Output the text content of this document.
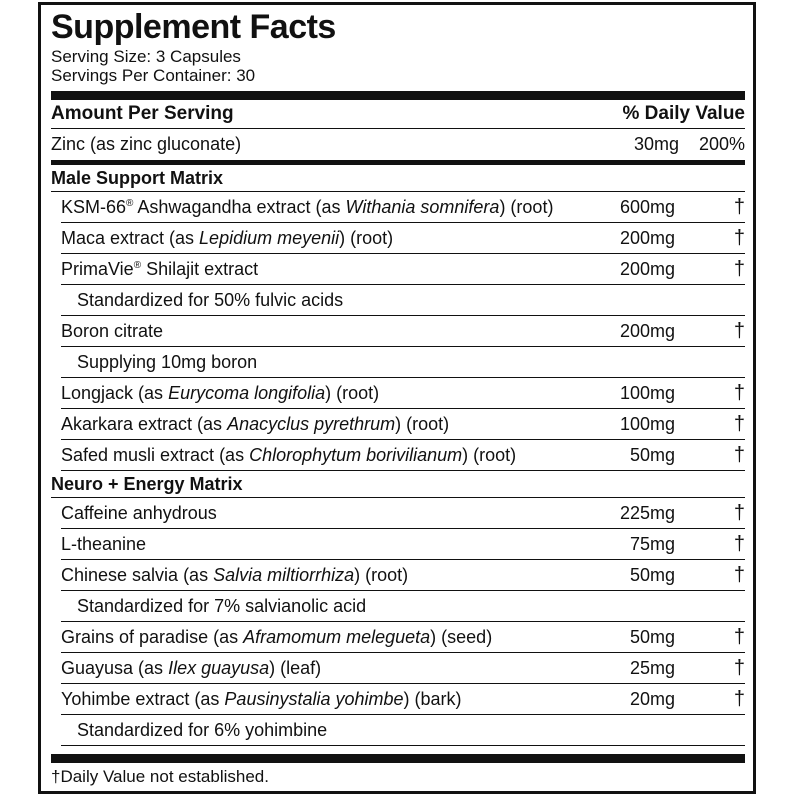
Supplement Facts
Serving Size: 3 Capsules
Servings Per Container: 30
Amount Per Serving	% Daily Value
Zinc (as zinc gluconate)	30mg	200%
Male Support Matrix
KSM-66® Ashwagandha extract (as Withania somnifera) (root)	600mg	†
Maca extract (as Lepidium meyenii) (root)	200mg	†
PrimaVie® Shilajit extract	200mg	†
Standardized for 50% fulvic acids
Boron citrate	200mg	†
Supplying 10mg boron
Longjack (as Eurycoma longifolia) (root)	100mg	†
Akarkara extract (as Anacyclus pyrethrum) (root)	100mg	†
Safed musli extract (as Chlorophytum borivilianum) (root)	50mg	†
Neuro + Energy Matrix
Caffeine anhydrous	225mg	†
L-theanine	75mg	†
Chinese salvia (as Salvia miltiorrhiza) (root)	50mg	†
Standardized for 7% salvianolic acid
Grains of paradise (as Aframomum melegueta) (seed)	50mg	†
Guayusa (as Ilex guayusa) (leaf)	25mg	†
Yohimbe extract (as Pausinystalia yohimbe) (bark)	20mg	†
Standardized for 6% yohimbine
†Daily Value not established.
